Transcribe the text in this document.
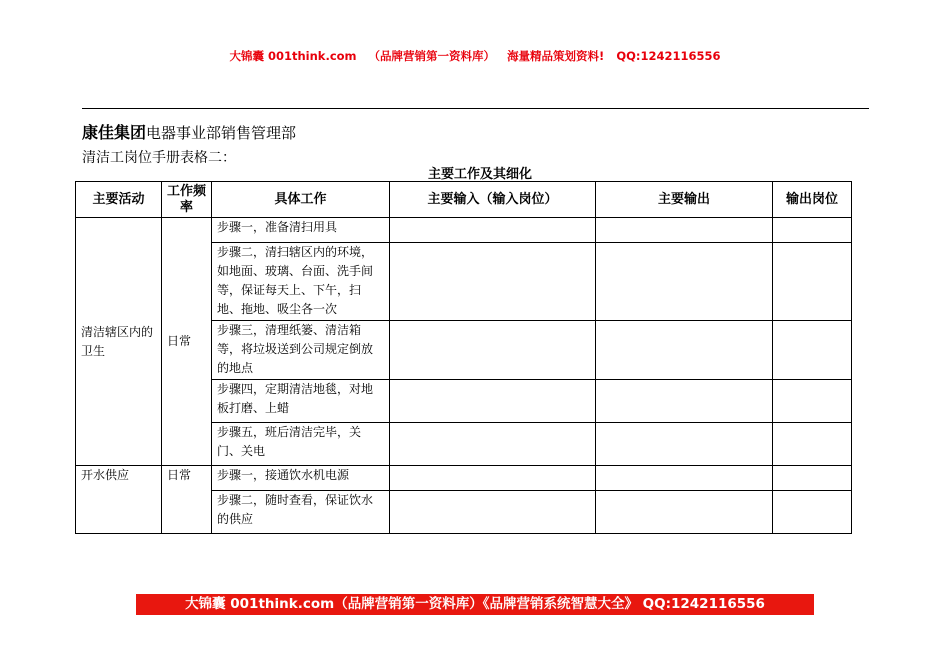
大锦囊 001think.com （品牌营销第一资料库） 海量精品策划资料! QQ:1242116556
康佳集团电器事业部销售管理部
清洁工岗位手册表格二：
主要工作及其细化
主要活动	工作频率	具体工作	主要输入（输入岗位）	主要输出	输出岗位
清洁辖区内的卫生	日常	步骤一，准备清扫用具			
		步骤二，清扫辖区内的环境，如地面、玻璃、台面、洗手间等，保证每天上、下午，扫地、拖地、吸尘各一次			
		步骤三，清理纸篓、清洁箱等，将垃圾送到公司规定倒放的地点			
		步骤四，定期清洁地毯，对地板打磨、上蜡			
		步骤五，班后清洁完毕，关门、关电			
开水供应	日常	步骤一，接通饮水机电源			
		步骤二，随时查看，保证饮水的供应			
大锦囊 001think.com（品牌营销第一资料库）《品牌营销系统智慧大全》 QQ:1242116556
